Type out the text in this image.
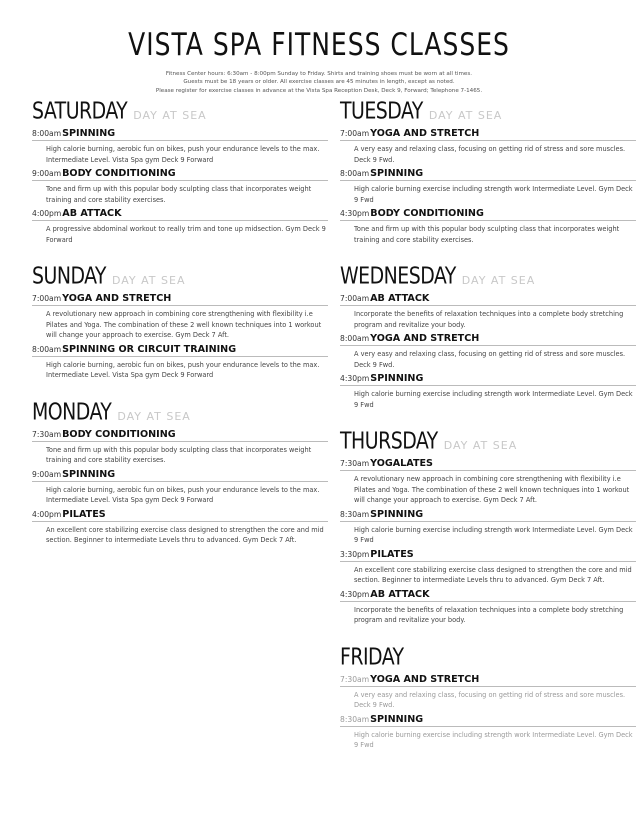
VISTA SPA FITNESS CLASSES
Fitness Center hours: 6:30am - 8:00pm Sunday to Friday. Shirts and training shoes must be worn at all times.
Guests must be 18 years or older. All exercise classes are 45 minutes in length, except as noted.
Please register for exercise classes in advance at the Vista Spa Reception Desk, Deck 9, Forward; Telephone 7-1465.
SATURDAY DAY AT SEA
8:00am SPINNING
High calorie burning, aerobic fun on bikes, push your endurance levels to the max. Intermediate Level. Vista Spa gym Deck 9 Forward
9:00am BODY CONDITIONING
Tone and firm up with this popular body sculpting class that incorporates weight training and core stability exercises.
4:00pm AB ATTACK
A progressive abdominal workout to really trim and tone up midsection. Gym Deck 9 Forward
SUNDAY DAY AT SEA
7:00am YOGA AND STRETCH
A revolutionary new approach in combining core strengthening with flexibility i.e Pilates and Yoga. The combination of these 2 well known techniques into 1 workout will change your approach to exercise. Gym Deck 7 Aft.
8:00am SPINNING OR CIRCUIT TRAINING
High calorie burning, aerobic fun on bikes, push your endurance levels to the max. Intermediate Level. Vista Spa gym Deck 9 Forward
MONDAY DAY AT SEA
7:30am BODY CONDITIONING
Tone and firm up with this popular body sculpting class that incorporates weight training and core stability exercises.
9:00am SPINNING
High calorie burning, aerobic fun on bikes, push your endurance levels to the max. Intermediate Level. Vista Spa gym Deck 9 Forward
4:00pm PILATES
An excellent core stabilizing exercise class designed to strengthen the core and mid section. Beginner to intermediate Levels thru to advanced. Gym Deck 7 Aft.
TUESDAY DAY AT SEA
7:00am YOGA AND STRETCH
A very easy and relaxing class, focusing on getting rid of stress and sore muscles. Deck 9 Fwd.
8:00am SPINNING
High calorie burning exercise including strength work Intermediate Level. Gym Deck 9 Fwd
4:30pm BODY CONDITIONING
Tone and firm up with this popular body sculpting class that incorporates weight training and core stability exercises.
WEDNESDAY DAY AT SEA
7:00am AB ATTACK
Incorporate the benefits of relaxation techniques into a complete body stretching program and revitalize your body.
8:00am YOGA AND STRETCH
A very easy and relaxing class, focusing on getting rid of stress and sore muscles. Deck 9 Fwd.
4:30pm SPINNING
High calorie burning exercise including strength work Intermediate Level. Gym Deck 9 Fwd
THURSDAY DAY AT SEA
7:30am YOGALATES
A revolutionary new approach in combining core strengthening with flexibility i.e Pilates and Yoga. The combination of these 2 well known techniques into 1 workout will change your approach to exercise. Gym Deck 7 Aft.
8:30am SPINNING
High calorie burning exercise including strength work Intermediate Level. Gym Deck 9 Fwd
3:30pm PILATES
An excellent core stabilizing exercise class designed to strengthen the core and mid section. Beginner to intermediate Levels thru to advanced. Gym Deck 7 Aft.
4:30pm AB ATTACK
Incorporate the benefits of relaxation techniques into a complete body stretching program and revitalize your body.
FRIDAY
7:30am YOGA AND STRETCH
A very easy and relaxing class, focusing on getting rid of stress and sore muscles. Deck 9 Fwd.
8:30am SPINNING
High calorie burning exercise including strength work Intermediate Level. Gym Deck 9 Fwd
